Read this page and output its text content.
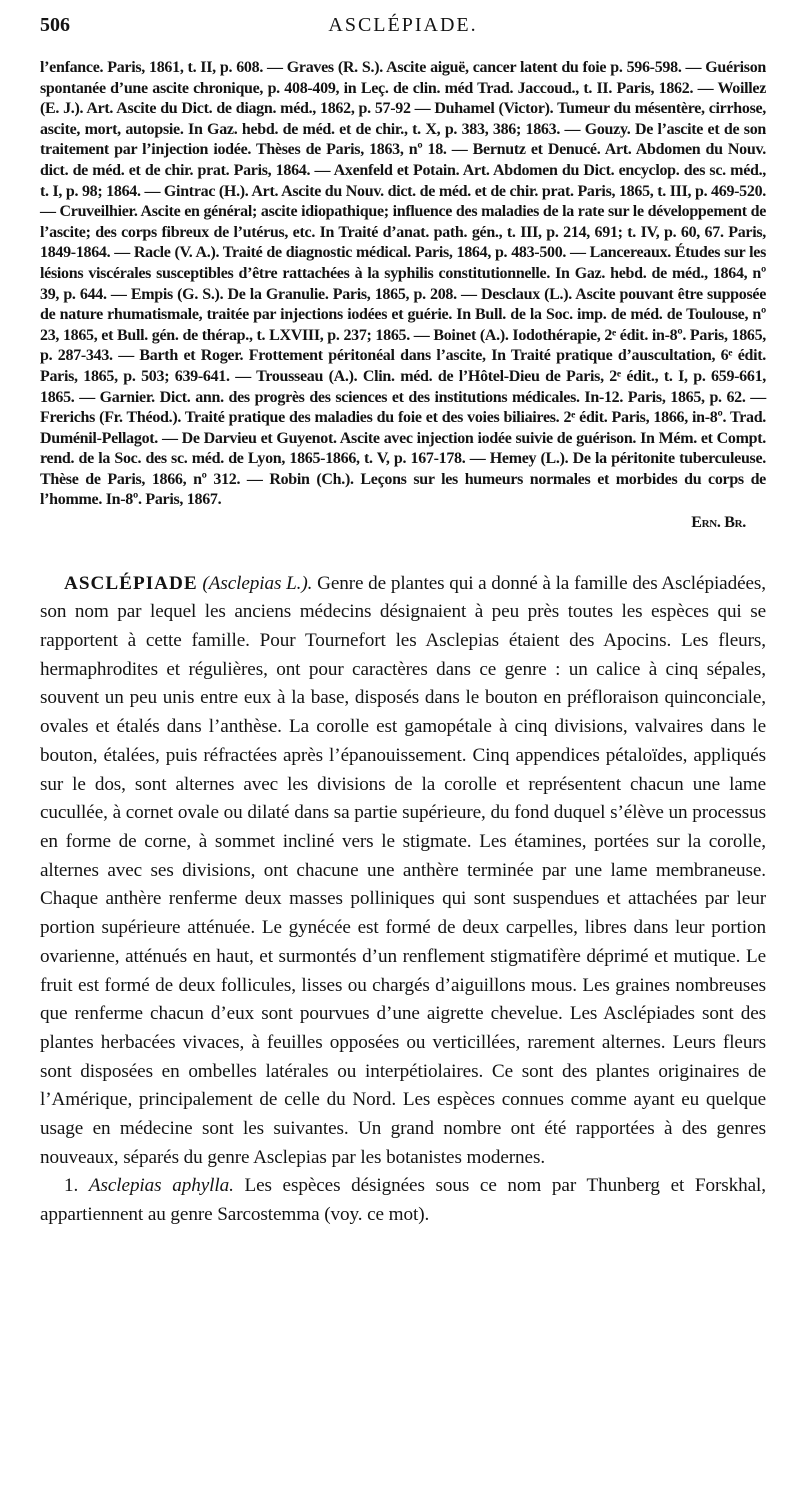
506	ASCLÉPIADE.
l’enfance. Paris, 1861, t. II, p. 608. — Graves (R. S.). Ascite aiguë, cancer latent du foie p. 596-598. — Guérison spontanée d’une ascite chronique, p. 408-409, in Leç. de clin. méd Trad. Jaccoud., t. II. Paris, 1862. — Woillez (E. J.). Art. Ascite du Dict. de diagn. méd., 1862, p. 57-92 — Duhamel (Victor). Tumeur du mésentère, cirrhose, ascite, mort, autopsie. In Gaz. hebd. de méd. et de chir., t. X, p. 383, 386; 1863. — Gouzy. De l’ascite et de son traitement par l’injection iodée. Thèses de Paris, 1863, nº 18. — Bernutz et Denucé. Art. Abdomen du Nouv. dict. de méd. et de chir. prat. Paris, 1864. — Axenfeld et Potain. Art. Abdomen du Dict. encyclop. des sc. méd., t. I, p. 98; 1864. — Gintrac (H.). Art. Ascite du Nouv. dict. de méd. et de chir. prat. Paris, 1865, t. III, p. 469-520. — Cruveilhier. Ascite en général; ascite idiopathique; influence des maladies de la rate sur le développement de l’ascite; des corps fibreux de l’utérus, etc. In Traité d’anat. path. gén., t. III, p. 214, 691; t. IV, p. 60, 67. Paris, 1849-1864. — Racle (V. A.). Traité de diagnostic médical. Paris, 1864, p. 483-500. — Lancereaux. Études sur les lésions viscérales susceptibles d’être rattachées à la syphilis constitutionnelle. In Gaz. hebd. de méd., 1864, nº 39, p. 644. — Empis (G. S.). De la Granulie. Paris, 1865, p. 208. — Desclaux (L.). Ascite pouvant être supposée de nature rhumatismale, traitée par injections iodées et guérie. In Bull. de la Soc. imp. de méd. de Toulouse, nº 23, 1865, et Bull. gén. de thérap., t. LXVIII, p. 237; 1865. — Boinet (A.). Iodothérapie, 2ᵉ édit. in-8º. Paris, 1865, p. 287-343. — Barth et Roger. Frottement péritonéal dans l’ascite, In Traité pratique d’auscultation, 6ᵉ édit. Paris, 1865, p. 503; 639-641. — Trousseau (A.). Clin. méd. de l’Hôtel-Dieu de Paris, 2ᵉ édit., t. I, p. 659-661, 1865. — Garnier. Dict. ann. des progrès des sciences et des institutions médicales. In-12. Paris, 1865, p. 62. — Frerichs (Fr. Théod.). Traité pratique des maladies du foie et des voies biliaires. 2ᵉ édit. Paris, 1866, in-8º. Trad. Duménil-Pellagot. — De Darvieu et Guyenot. Ascite avec injection iodée suivie de guérison. In Mém. et Compt. rend. de la Soc. des sc. méd. de Lyon, 1865-1866, t. V, p. 167-178. — Hemey (L.). De la péritonite tuberculeuse. Thèse de Paris, 1866, nº 312. — Robin (Ch.). Leçons sur les humeurs normales et morbides du corps de l’homme. In-8º. Paris, 1867.
Ern. Br.

ASCLÉPIADE (Asclepias L.). Genre de plantes qui a donné à la famille des Asclépiadées, son nom par lequel les anciens médecins désignaient à peu près toutes les espèces qui se rapportent à cette famille. Pour Tournefort les Asclepias étaient des Apocins. Les fleurs, hermaphrodites et régulières, ont pour caractères dans ce genre : un calice à cinq sépales, souvent un peu unis entre eux à la base, disposés dans le bouton en préfloraison quinconciale, ovales et étalés dans l’anthèse. La corolle est gamopétale à cinq divisions, valvaires dans le bouton, étalées, puis réfractées après l’épanouissement. Cinq appendices pétaloïdes, appliqués sur le dos, sont alternes avec les divisions de la corolle et représentent chacun une lame cucullée, à cornet ovale ou dilaté dans sa partie supérieure, du fond duquel s’élève un processus en forme de corne, à sommet incliné vers le stigmate. Les étamines, portées sur la corolle, alternes avec ses divisions, ont chacune une anthère terminée par une lame membraneuse. Chaque anthère renferme deux masses polliniques qui sont suspendues et attachées par leur portion supérieure atténuée. Le gynécée est formé de deux carpelles, libres dans leur portion ovarienne, atténués en haut, et surmontés d’un renflement stigmatifère déprimé et mutique. Le fruit est formé de deux follicules, lisses ou chargés d’aiguillons mous. Les graines nombreuses que renferme chacun d’eux sont pourvues d’une aigrette chevelue. Les Asclépiades sont des plantes herbacées vivaces, à feuilles opposées ou verticillées, rarement alternes. Leurs fleurs sont disposées en ombelles latérales ou interpétiolaires. Ce sont des plantes originaires de l’Amérique, principalement de celle du Nord. Les espèces connues comme ayant eu quelque usage en médecine sont les suivantes. Un grand nombre ont été rapportées à des genres nouveaux, séparés du genre Asclepias par les botanistes modernes.

1. Asclepias aphylla. Les espèces désignées sous ce nom par Thunberg et Forskhal, appartiennent au genre Sarcostemma (voy. ce mot).
